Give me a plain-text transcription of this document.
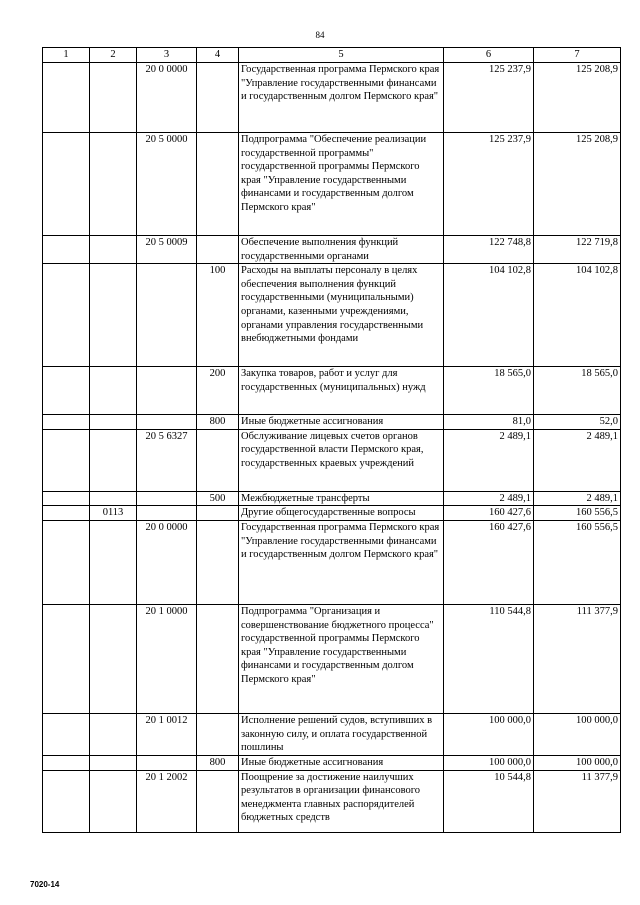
84
1	2	3	4	5	6	7
		20 0 0000		Государственная программа Пермского края "Управление государственными финансами и государственным долгом Пермского края"	125 237,9	125 208,9
		20 5 0000		Подпрограмма "Обеспечение реализации государственной программы" государственной программы Пермского края "Управление государственными финансами и государственным долгом Пермского края"	125 237,9	125 208,9
		20 5 0009		Обеспечение выполнения функций государственными органами	122 748,8	122 719,8
			100	Расходы на выплаты персоналу в целях обеспечения выполнения функций государственными (муниципальными) органами, казенными учреждениями, органами управления государственными внебюджетными фондами	104 102,8	104 102,8
			200	Закупка товаров, работ и услуг для государственных (муниципальных) нужд	18 565,0	18 565,0
			800	Иные бюджетные ассигнования	81,0	52,0
		20 5 6327		Обслуживание лицевых счетов органов государственной власти Пермского края, государственных краевых учреждений	2 489,1	2 489,1
			500	Межбюджетные трансферты	2 489,1	2 489,1
	0113			Другие общегосударственные вопросы	160 427,6	160 556,5
		20 0 0000		Государственная программа Пермского края "Управление государственными финансами и государственным долгом Пермского края"	160 427,6	160 556,5
		20 1 0000		Подпрограмма "Организация и совершенствование бюджетного процесса" государственной программы Пермского края "Управление государственными финансами и государственным долгом Пермского края"	110 544,8	111 377,9
		20 1 0012		Исполнение решений судов, вступивших в законную силу, и оплата государственной пошлины	100 000,0	100 000,0
			800	Иные бюджетные ассигнования	100 000,0	100 000,0
		20 1 2002		Поощрение за достижение наилучших результатов в организации финансового менеджмента главных распорядителей бюджетных средств	10 544,8	11 377,9
7020-14
